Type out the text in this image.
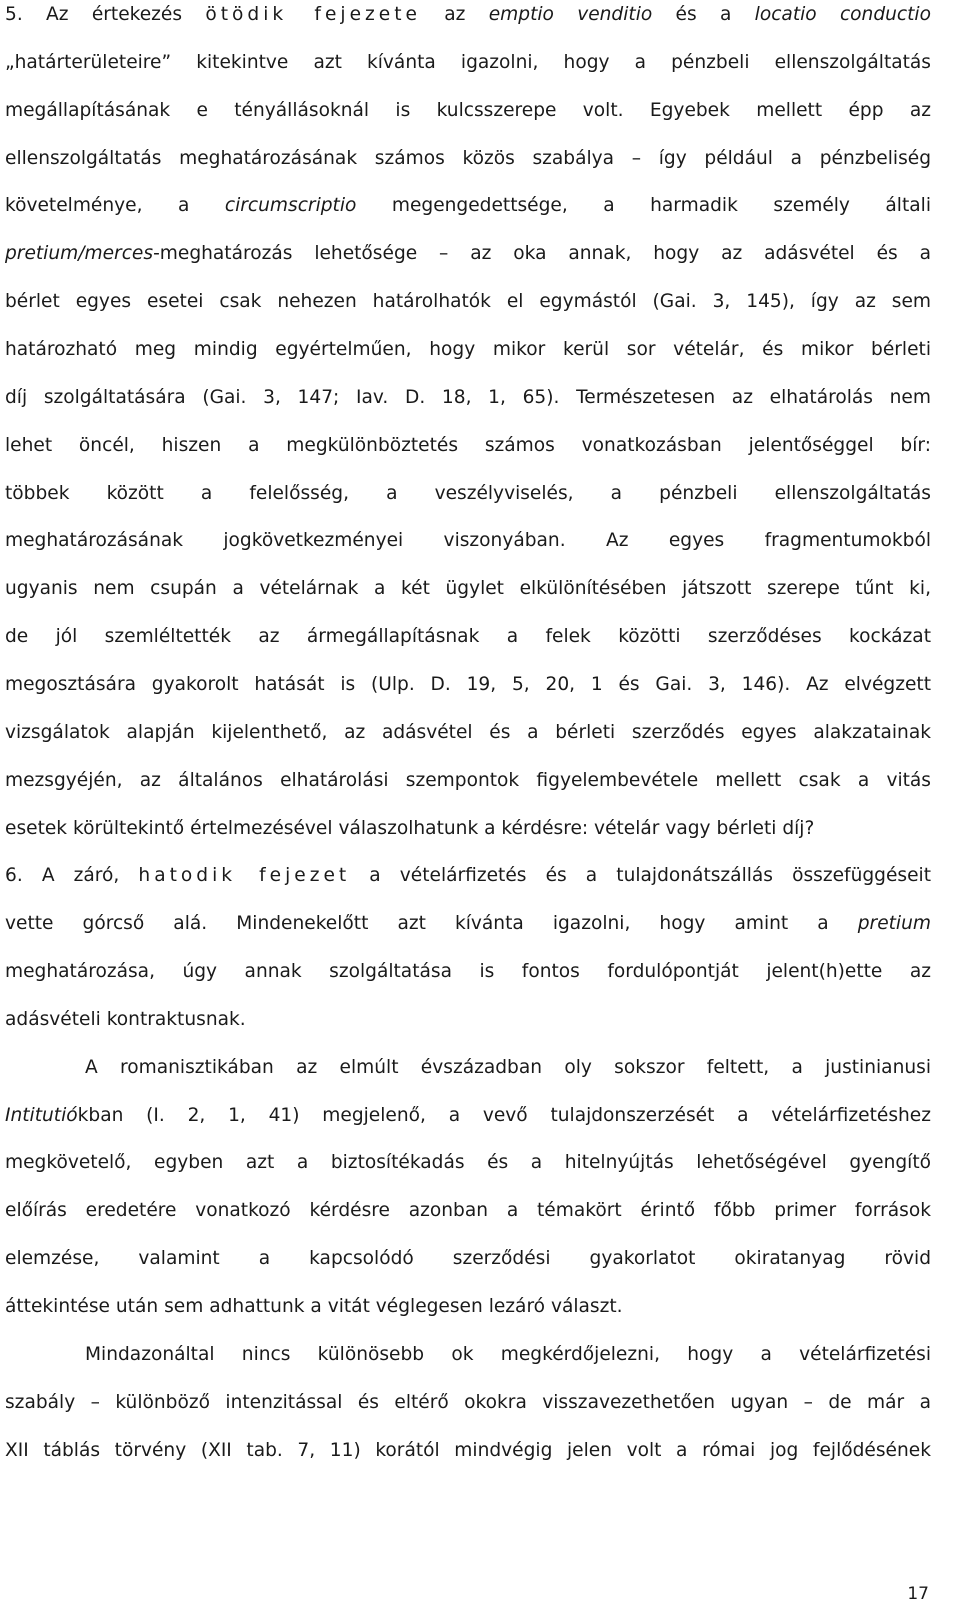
5. Az értekezés ötödik fejezete az emptio venditio és a locatio conductio
„határterületeire” kitekintve azt kívánta igazolni, hogy a pénzbeli ellenszolgáltatás
megállapításának e tényállásoknál is kulcsszerepe volt. Egyebek mellett épp az
ellenszolgáltatás meghatározásának számos közös szabálya – így például a pénzbeliség
követelménye, a circumscriptio megengedettsége, a harmadik személy általi
pretium/merces-meghatározás lehetősége – az oka annak, hogy az adásvétel és a
bérlet egyes esetei csak nehezen határolhatók el egymástól (Gai. 3, 145), így az sem
határozható meg mindig egyértelműen, hogy mikor kerül sor vételár, és mikor bérleti
díj szolgáltatására (Gai. 3, 147; Iav. D. 18, 1, 65). Természetesen az elhatárolás nem
lehet öncél, hiszen a megkülönböztetés számos vonatkozásban jelentőséggel bír:
többek között a felelősség, a veszélyviselés, a pénzbeli ellenszolgáltatás
meghatározásának jogkövetkezményei viszonyában. Az egyes fragmentumokból
ugyanis nem csupán a vételárnak a két ügylet elkülönítésében játszott szerepe tűnt ki,
de jól szemléltették az ármegállapításnak a felek közötti szerződéses kockázat
megosztására gyakorolt hatását is (Ulp. D. 19, 5, 20, 1 és Gai. 3, 146). Az elvégzett
vizsgálatok alapján kijelenthető, az adásvétel és a bérleti szerződés egyes alakzatainak
mezsgyéjén, az általános elhatárolási szempontok figyelembevétele mellett csak a vitás
esetek körültekintő értelmezésével válaszolhatunk a kérdésre: vételár vagy bérleti díj?
6. A záró, hatodik fejezet a vételárfizetés és a tulajdonátszállás összefüggéseit
vette górcső alá. Mindenekelőtt azt kívánta igazolni, hogy amint a pretium
meghatározása, úgy annak szolgáltatása is fontos fordulópontját jelent(h)ette az
adásvételi kontraktusnak.
A romanisztikában az elmúlt évszázadban oly sokszor feltett, a justinianusi
Intitutiókban (I. 2, 1, 41) megjelenő, a vevő tulajdonszerzését a vételárfizetéshez
megkövetelő, egyben azt a biztosítékadás és a hitelnyújtás lehetőségével gyengítő
előírás eredetére vonatkozó kérdésre azonban a témakört érintő főbb primer források
elemzése, valamint a kapcsolódó szerződési gyakorlatot okiratanyag rövid
áttekintése után sem adhattunk a vitát véglegesen lezáró választ.
Mindazonáltal nincs különösebb ok megkérdőjelezni, hogy a vételárfizetési
szabály – különböző intenzitással és eltérő okokra visszavezethetően ugyan – de már a
XII táblás törvény (XII tab. 7, 11) korától mindvégig jelen volt a római jog fejlődésének
17
